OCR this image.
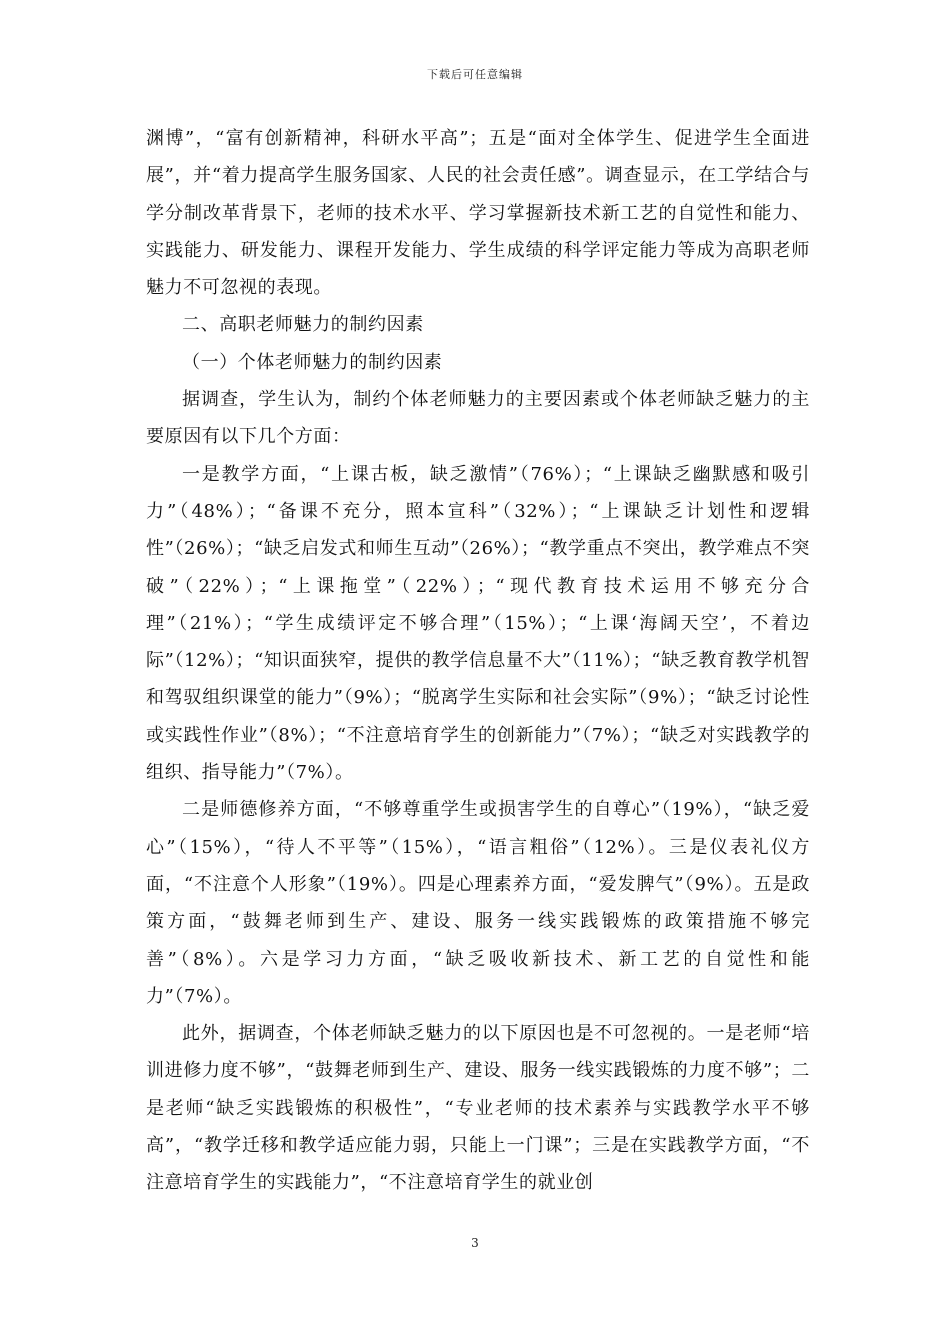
下载后可任意编辑

渊博”，“富有创新精神，科研水平高”；五是“面对全体学生、促进学生全面进展”，并“着力提高学生服务国家、人民的社会责任感”。调查显示，在工学结合与学分制改革背景下，老师的技术水平、学习掌握新技术新工艺的自觉性和能力、实践能力、研发能力、课程开发能力、学生成绩的科学评定能力等成为高职老师魅力不可忽视的表现。

二、高职老师魅力的制约因素

（一）个体老师魅力的制约因素

据调查，学生认为，制约个体老师魅力的主要因素或个体老师缺乏魅力的主要原因有以下几个方面：

一是教学方面，“上课古板，缺乏激情”（76%）；“上课缺乏幽默感和吸引力”（48%）；“备课不充分，照本宣科”（32%）；“上课缺乏计划性和逻辑性”（26%）；“缺乏启发式和师生互动”（26%）；“教学重点不突出，教学难点不突破”（22%）；“上课拖堂”（22%）；“现代教育技术运用不够充分合理”（21%）；“学生成绩评定不够合理”（15%）；“上课‘海阔天空’，不着边际”（12%）；“知识面狭窄，提供的教学信息量不大”（11%）；“缺乏教育教学机智和驾驭组织课堂的能力”（9%）；“脱离学生实际和社会实际”（9%）；“缺乏讨论性或实践性作业”（8%）；“不注意培育学生的创新能力”（7%）；“缺乏对实践教学的组织、指导能力”（7%）。

二是师德修养方面，“不够尊重学生或损害学生的自尊心”（19%），“缺乏爱心”（15%），“待人不平等”（15%），“语言粗俗”（12%）。三是仪表礼仪方面，“不注意个人形象”（19%）。四是心理素养方面，“爱发脾气”（9%）。五是政策方面，“鼓舞老师到生产、建设、服务一线实践锻炼的政策措施不够完善”（8%）。六是学习力方面，“缺乏吸收新技术、新工艺的自觉性和能力”（7%）。

此外，据调查，个体老师缺乏魅力的以下原因也是不可忽视的。一是老师“培训进修力度不够”，“鼓舞老师到生产、建设、服务一线实践锻炼的力度不够”；二是老师“缺乏实践锻炼的积极性”，“专业老师的技术素养与实践教学水平不够高”，“教学迁移和教学适应能力弱，只能上一门课”；三是在实践教学方面，“不注意培育学生的实践能力”，“不注意培育学生的就业创

3
